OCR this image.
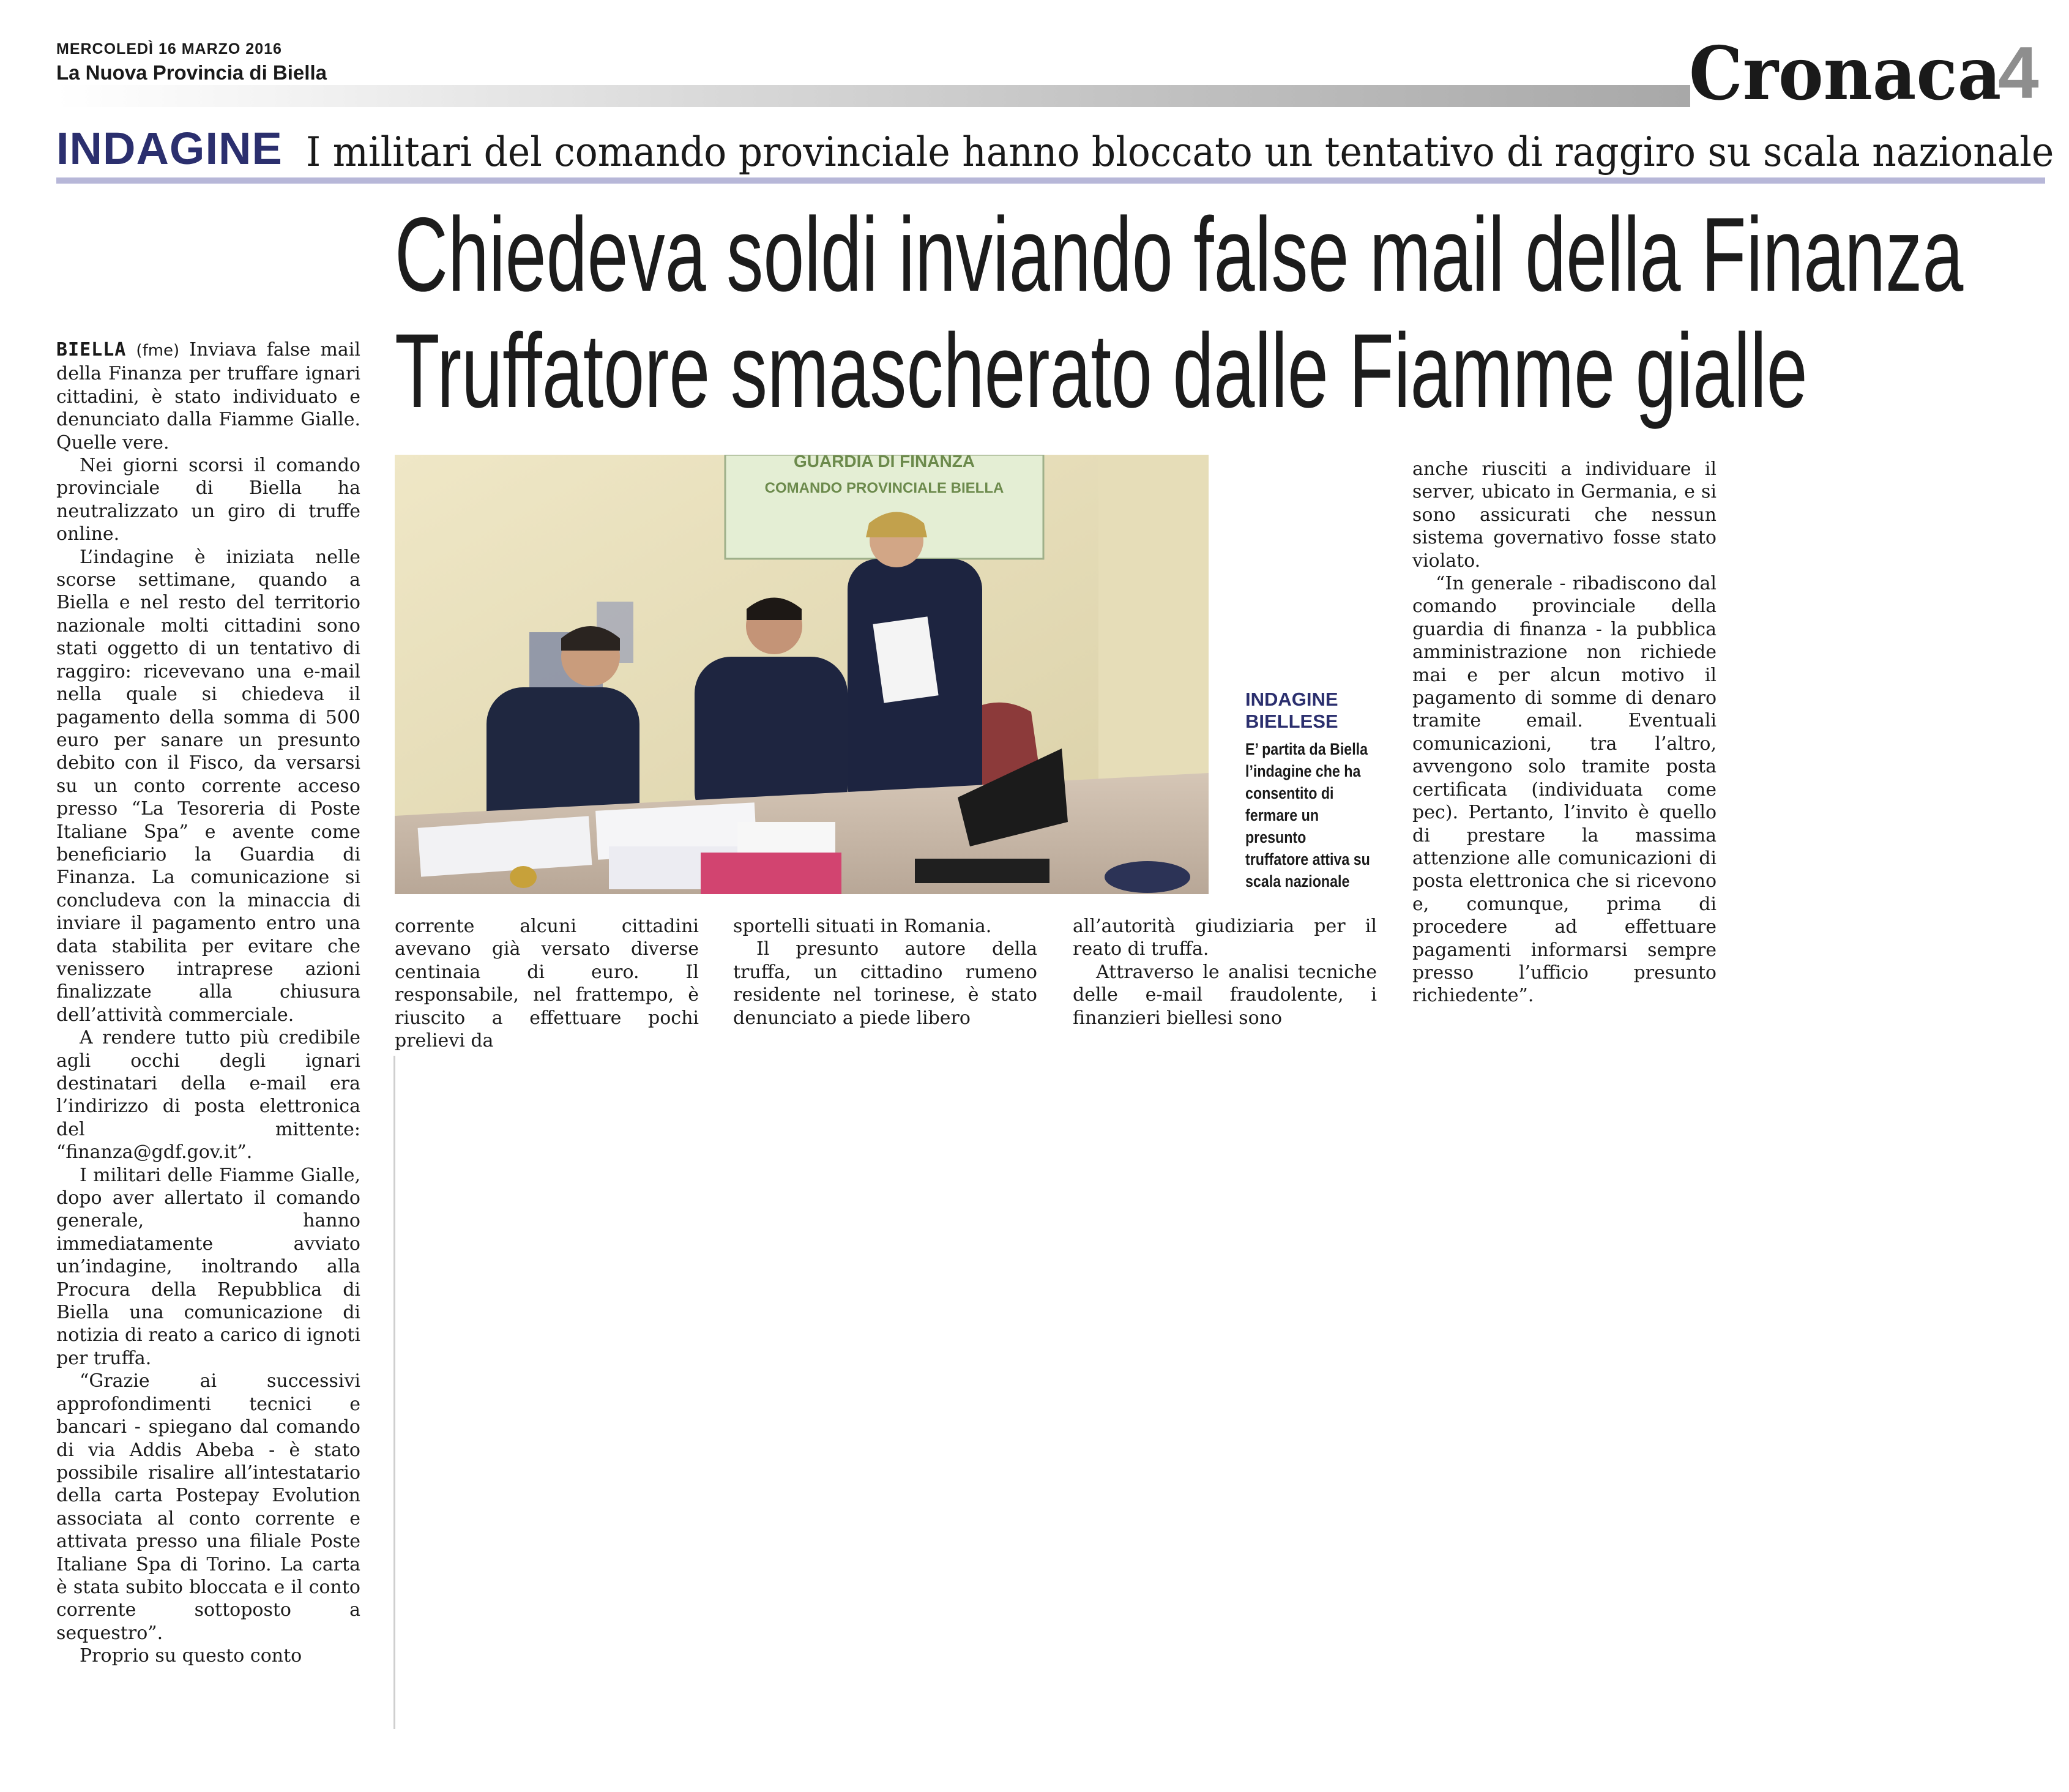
MERCOLEDÌ 16 MARZO 2016
La Nuova Provincia di Biella	Cronaca
4
INDAGINE I militari del comando provinciale hanno bloccato un tentativo di raggiro su scala nazionale
Chiedeva soldi inviando false mail della Finanza
Truffatore smascherato dalle Fiamme gialle

BIELLA (fme) Inviava false mail della Finanza per truffare ignari cittadini, è stato individuato e denunciato dalla Fiamme Gialle. Quelle vere.

Nei giorni scorsi il comando provinciale di Biella ha neutralizzato un giro di truffe online.

L’indagine è iniziata nelle scorse settimane, quando a Biella e nel resto del territorio nazionale molti cittadini sono stati oggetto di un tentativo di raggiro: ricevevano una e-mail nella quale si chiedeva il pagamento della somma di 500 euro per sanare un presunto debito con il Fisco, da versarsi su un conto corrente acceso presso “La Tesoreria di Poste Italiane Spa” e avente come beneficiario la Guardia di Finanza. La comunicazione si concludeva con la minaccia di inviare il pagamento entro una data stabilita per evitare che venissero intraprese azioni finalizzate alla chiusura dell’attività commerciale.

A rendere tutto più credibile agli occhi degli ignari destinatari della e-mail era l’indirizzo di posta elettronica del mittente: “finanza@gdf.gov.it”.

I militari delle Fiamme Gialle, dopo aver allertato il comando generale, hanno immediatamente avviato un’indagine, inoltrando alla Procura della Repubblica di Biella una comunicazione di notizia di reato a carico di ignoti per truffa.

“Grazie ai successivi approfondimenti tecnici e bancari - spiegano dal comando di via Addis Abeba - è stato possibile risalire all’intestatario della carta Postepay Evolution associata al conto corrente e attivata presso una filiale Poste Italiane Spa di Torino. La carta è stata subito bloccata e il conto corrente sottoposto a sequestro”.

Proprio su questo conto

GUARDIA DI FINANZA
COMANDO PROVINCIALE BIELLA
INDAGINE
BIELLESE
E’ partita da Biella l’indagine che ha consentito di fermare un presunto truffatore attiva su scala nazionale

corrente alcuni cittadini avevano già versato diverse centinaia di euro. Il responsabile, nel frattempo, è riuscito a effettuare pochi prelievi da

sportelli situati in Romania.

Il presunto autore della truffa, un cittadino rumeno residente nel torinese, è stato denunciato a piede libero

all’autorità giudiziaria per il reato di truffa.

Attraverso le analisi tecniche delle e-mail fraudolente, i finanzieri biellesi sono

anche riusciti a individuare il server, ubicato in Germania, e si sono assicurati che nessun sistema governativo fosse stato violato.

“In generale - ribadiscono dal comando provinciale della guardia di finanza - la pubblica amministrazione non richiede mai e per alcun motivo il pagamento di somme di denaro tramite email. Eventuali comunicazioni, tra l’altro, avvengono solo tramite posta certificata (individuata come pec). Pertanto, l’invito è quello di prestare la massima attenzione alle comunicazioni di posta elettronica che si ricevono e, comunque, prima di procedere ad effettuare pagamenti informarsi sempre presso l’ufficio presunto richiedente”.
